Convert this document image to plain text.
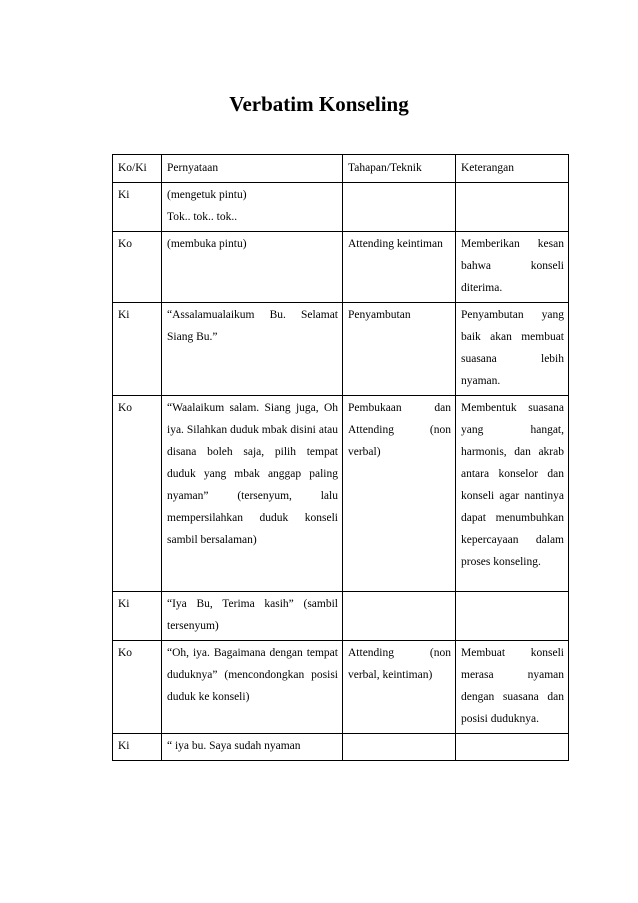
Verbatim Konseling
Ko/Ki	Pernyataan	Tahapan/Teknik	Keterangan
Ki	(mengetuk pintu)
Tok.. tok.. tok..		
Ko	(membuka pintu)	Attending keintiman	Memberikan kesan bahwa konseli diterima.
Ki	“Assalamualaikum Bu. Selamat Siang Bu.”	Penyambutan	Penyambutan yang baik akan membuat suasana lebih nyaman.
Ko	“Waalaikum salam. Siang juga, Oh iya. Silahkan duduk mbak disini atau disana boleh saja, pilih tempat duduk yang mbak anggap paling nyaman” (tersenyum, lalu mempersilahkan duduk konseli sambil bersalaman)	Pembukaan dan Attending (non verbal)	Membentuk suasana yang hangat, harmonis, dan akrab antara konselor dan konseli agar nantinya dapat menumbuhkan kepercayaan dalam proses konseling.
Ki	“Iya Bu, Terima kasih” (sambil tersenyum)		
Ko	“Oh, iya. Bagaimana dengan tempat duduknya” (mencondongkan posisi duduk ke konseli)	Attending (non verbal, keintiman)	Membuat konseli merasa nyaman dengan suasana dan posisi duduknya.
Ki	“ iya bu. Saya sudah nyaman		
